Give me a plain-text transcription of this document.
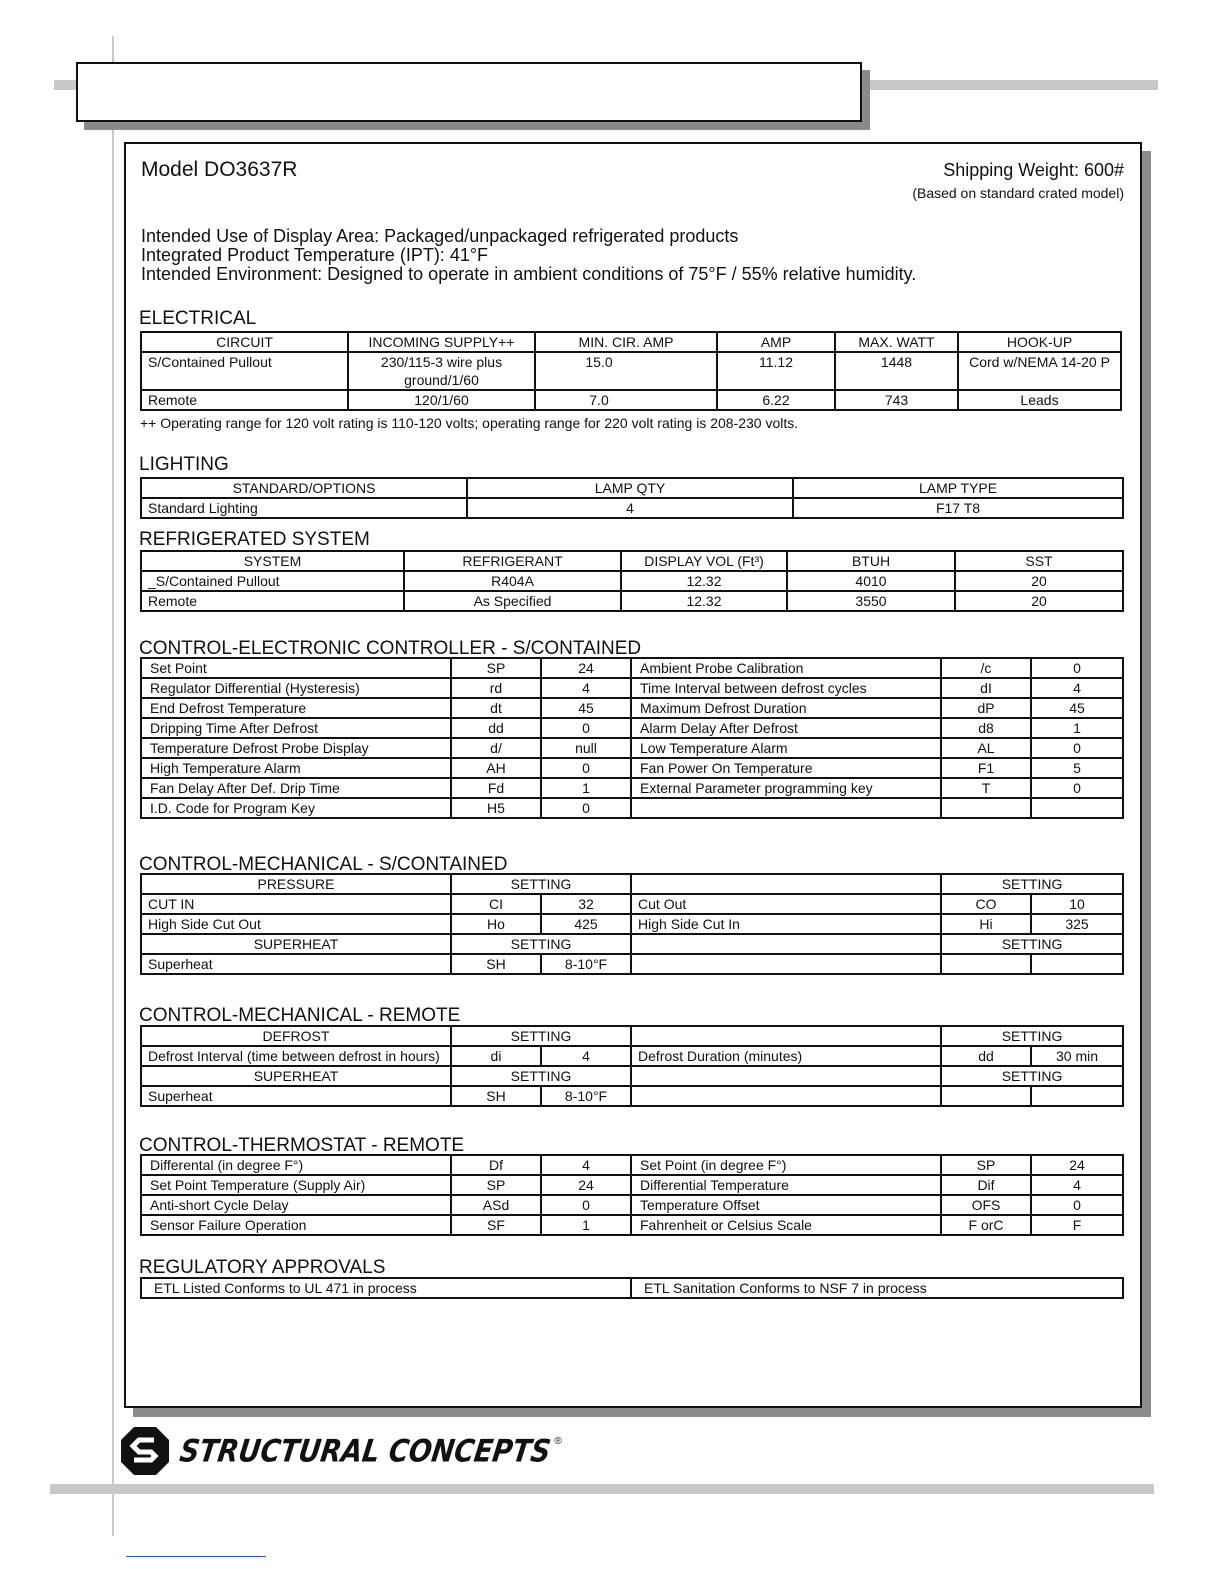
Model DO3637R	Shipping Weight: 600#
(Based on standard crated model)
Intended Use of Display Area: Packaged/unpackaged refrigerated products
Integrated Product Temperature (IPT): 41°F
Intended Environment: Designed to operate in ambient conditions of 75°F / 55% relative humidity.
ELECTRICAL
CIRCUIT	INCOMING SUPPLY++	MIN. CIR. AMP	AMP	MAX. WATT	HOOK-UP
S/Contained Pullout	230/115-3 wire plus ground/1/60	15.0	11.12	1448	Cord w/NEMA 14-20 P
Remote	120/1/60	7.0	6.22	743	Leads
++ Operating range for 120 volt rating is 110-120 volts; operating range for 220 volt rating is 208-230 volts.
LIGHTING
STANDARD/OPTIONS	LAMP QTY	LAMP TYPE
Standard Lighting	4	F17 T8
REFRIGERATED SYSTEM
SYSTEM	REFRIGERANT	DISPLAY VOL (Ft³)	BTUH	SST
_S/Contained Pullout	R404A	12.32	4010	20
Remote	As Specified	12.32	3550	20
CONTROL-ELECTRONIC CONTROLLER - S/CONTAINED
Set Point	SP	24	Ambient Probe Calibration	/c	0
Regulator Differential (Hysteresis)	rd	4	Time Interval between defrost cycles	dI	4
End Defrost Temperature	dt	45	Maximum Defrost Duration	dP	45
Dripping Time After Defrost	dd	0	Alarm Delay After Defrost	d8	1
Temperature Defrost Probe Display	d/	null	Low Temperature Alarm	AL	0
High Temperature Alarm	AH	0	Fan Power On Temperature	F1	5
Fan Delay After Def. Drip Time	Fd	1	External Parameter programming key	T	0
I.D. Code for Program Key	H5	0			
CONTROL-MECHANICAL - S/CONTAINED
PRESSURE	SETTING			SETTING	
CUT IN	CI	32	Cut Out	CO	10
High Side Cut Out	Ho	425	High Side Cut In	Hi	325
SUPERHEAT	SETTING			SETTING	
Superheat	SH	8-10°F			
CONTROL-MECHANICAL - REMOTE
DEFROST	SETTING			SETTING	
Defrost Interval (time between defrost in hours)	di	4	Defrost Duration (minutes)	dd	30 min
SUPERHEAT	SETTING			SETTING	
Superheat	SH	8-10°F			
CONTROL-THERMOSTAT - REMOTE
Differental (in degree F°)	Df	4	Set Point (in degree F°)	SP	24
Set Point Temperature (Supply Air)	SP	24	Differential Temperature	Dif	4
Anti-short Cycle Delay	ASd	0	Temperature Offset	OFS	0
Sensor Failure Operation	SF	1	Fahrenheit or Celsius Scale	F orC	F
REGULATORY APPROVALS
ETL Listed Conforms to UL 471 in process	ETL Sanitation Conforms to NSF 7 in process
STRUCTURAL CONCEPTS ®
